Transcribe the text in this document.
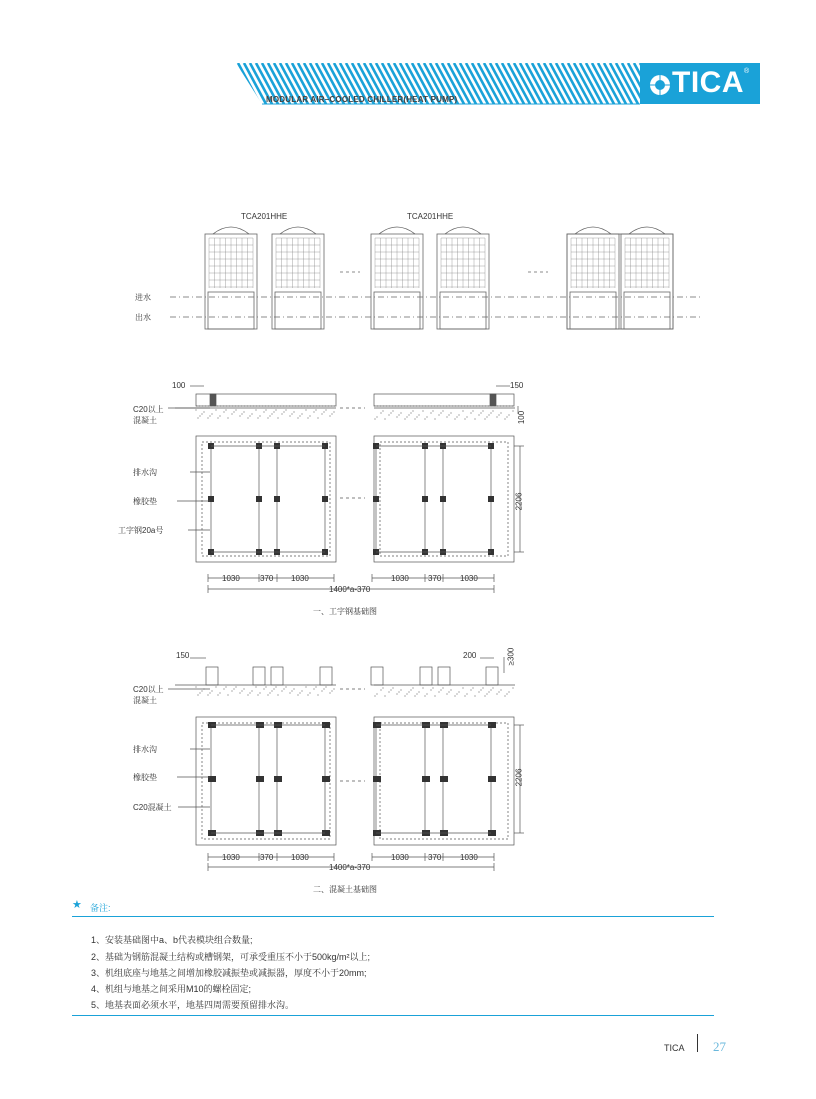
TICA ®
MODULAR AIR–COOLED CHILLER(HEAT PUMP)
TCA201HHE	TCA201HHE
进水
出水
100	150
100
C20以上
混凝土
排水沟
橡胶垫
工字钢20a号
2206
1030	370 1030	1030 370 1030
1400*a-370
一、工字钢基础图
150	200	≥300
C20以上
混凝土
排水沟
橡胶垫
C20混凝土
2206
1030	370 1030	1030 370 1030
1400*a-370
二、混凝土基础图
★ 备注:
1、安装基础图中a、b代表模块组合数量;
2、基础为钢筋混凝土结构或槽钢架，可承受重压不小于500kg/m²以上;
3、机组底座与地基之间增加橡胶减振垫或减振器，厚度不小于20mm;
4、机组与地基之间采用M10的螺栓固定;
5、地基表面必须水平，地基四周需要预留排水沟。
TICA 27
